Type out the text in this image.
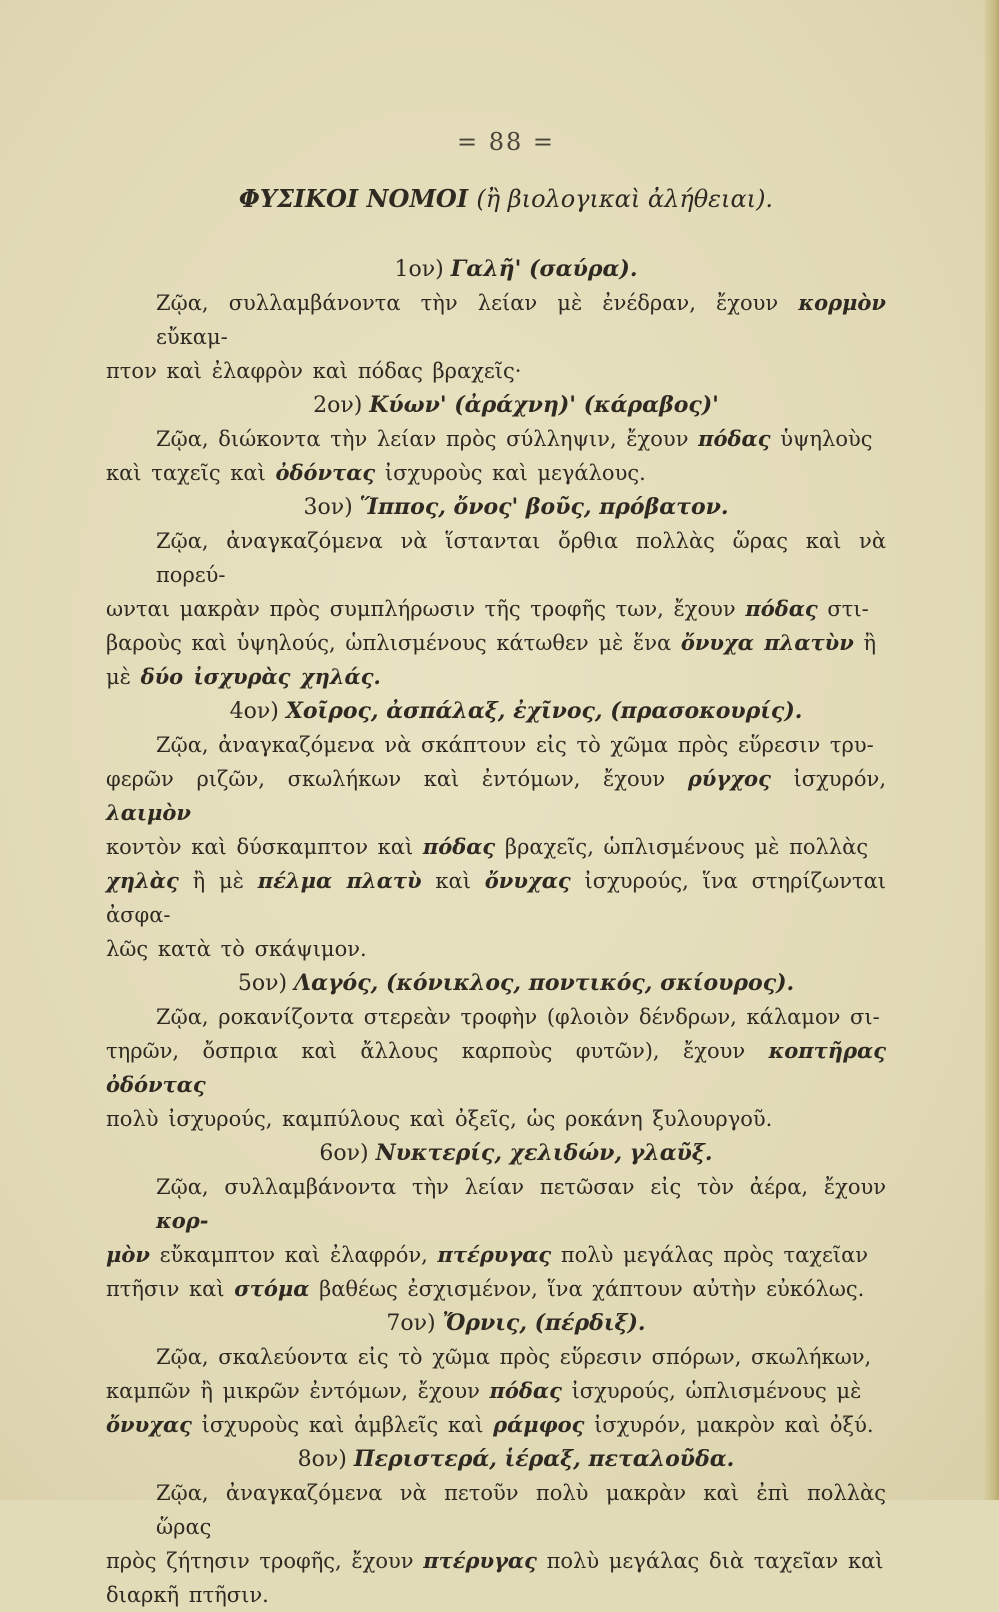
= 88 =
ΦΥΣΙΚΟΙ ΝΟΜΟΙ (ἢ βιολογικαὶ ἀλήθειαι).
1ον) Γαλῆ' (σαύρα).
Ζῷα, συλλαμβάνοντα τὴν λείαν μὲ ἐνέδραν, ἔχουν κορμὸν εὔκαμ-
πτον καὶ ἐλαφρὸν καὶ πόδας βραχεῖς·
2ον) Κύων' (ἀράχνη)' (κάραβος)'
Ζῷα, διώκοντα τὴν λείαν πρὸς σύλληψιν, ἔχουν πόδας ὑψηλοὺς
καὶ ταχεῖς καὶ ὀδόντας ἰσχυροὺς καὶ μεγάλους.
3ον) Ἵππος, ὄνος' βοῦς, πρόβατον.
Ζῷα, ἀναγκαζόμενα νὰ ἵστανται ὄρθια πολλὰς ὥρας καὶ νὰ πορεύ-
ωνται μακρὰν πρὸς συμπλήρωσιν τῆς τροφῆς των, ἔχουν πόδας στι-
βαροὺς καὶ ὑψηλούς, ὡπλισμένους κάτωθεν μὲ ἕνα ὄνυχα πλατὺν ἢ
μὲ δύο ἰσχυρὰς χηλάς.
4ον) Χοῖρος, ἀσπάλαξ, ἐχῖνος, (πρασοκουρίς).
Ζῷα, ἀναγκαζόμενα νὰ σκάπτουν εἰς τὸ χῶμα πρὸς εὕρεσιν τρυ-
φερῶν ριζῶν, σκωλήκων καὶ ἐντόμων, ἔχουν ρύγχος ἰσχυρόν, λαιμὸν
κοντὸν καὶ δύσκαμπτον καὶ πόδας βραχεῖς, ὡπλισμένους μὲ πολλὰς
χηλὰς ἢ μὲ πέλμα πλατὺ καὶ ὄνυχας ἰσχυρούς, ἵνα στηρίζωνται ἀσφα-
λῶς κατὰ τὸ σκάψιμον.
5ον) Λαγός, (κόνικλος, ποντικός, σκίουρος).
Ζῷα, ροκανίζοντα στερεὰν τροφὴν (φλοιὸν δένδρων, κάλαμον σι-
τηρῶν, ὄσπρια καὶ ἄλλους καρποὺς φυτῶν), ἔχουν κοπτῆρας ὀδόντας
πολὺ ἰσχυρούς, καμπύλους καὶ ὀξεῖς, ὡς ροκάνη ξυλουργοῦ.
6ον) Νυκτερίς, χελιδών, γλαῦξ.
Ζῷα, συλλαμβάνοντα τὴν λείαν πετῶσαν εἰς τὸν ἀέρα, ἔχουν κορ-
μὸν εὔκαμπτον καὶ ἐλαφρόν, πτέρυγας πολὺ μεγάλας πρὸς ταχεῖαν
πτῆσιν καὶ στόμα βαθέως ἐσχισμένον, ἵνα χάπτουν αὐτὴν εὐκόλως.
7ον) Ὄρνις, (πέρδιξ).
Ζῷα, σκαλεύοντα εἰς τὸ χῶμα πρὸς εὕρεσιν σπόρων, σκωλήκων,
καμπῶν ἢ μικρῶν ἐντόμων, ἔχουν πόδας ἰσχυρούς, ὡπλισμένους μὲ
ὄνυχας ἰσχυροὺς καὶ ἀμβλεῖς καὶ ράμφος ἰσχυρόν, μακρὸν καὶ ὀξύ.
8ον) Περιστερά, ἱέραξ, πεταλοῦδα.
Ζῷα, ἀναγκαζόμενα νὰ πετοῦν πολὺ μακρὰν καὶ ἐπὶ πολλὰς ὥρας
πρὸς ζήτησιν τροφῆς, ἔχουν πτέρυγας πολὺ μεγάλας διὰ ταχεῖαν καὶ
διαρκῆ πτῆσιν.
